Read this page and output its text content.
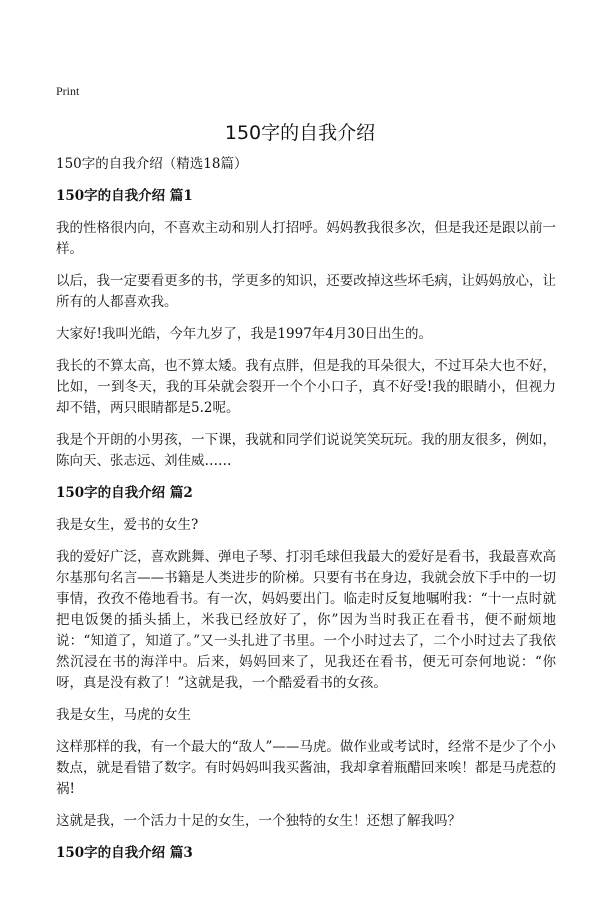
Print
150字的自我介绍

150字的自我介绍（精选18篇）

150字的自我介绍 篇1

我的性格很内向，不喜欢主动和别人打招呼。妈妈教我很多次，但是我还是跟以前一样。

以后，我一定要看更多的书，学更多的知识，还要改掉这些坏毛病，让妈妈放心，让所有的人都喜欢我。

大家好!我叫光皓，今年九岁了，我是1997年4月30日出生的。

我长的不算太高，也不算太矮。我有点胖，但是我的耳朵很大，不过耳朵大也不好，比如，一到冬天，我的耳朵就会裂开一个个小口子，真不好受!我的眼睛小，但视力却不错，两只眼睛都是5.2呢。

我是个开朗的小男孩，一下课，我就和同学们说说笑笑玩玩。我的朋友很多，例如，陈向天、张志远、刘佳威……

150字的自我介绍 篇2

我是女生，爱书的女生?

我的爱好广泛，喜欢跳舞、弹电子琴、打羽毛球但我最大的爱好是看书，我最喜欢高尔基那句名言——书籍是人类进步的阶梯。只要有书在身边，我就会放下手中的一切事情，孜孜不倦地看书。有一次，妈妈要出门。临走时反复地嘱咐我：“十一点时就把电饭煲的插头插上，米我已经放好了，你”因为当时我正在看书，便不耐烦地说：“知道了，知道了。”又一头扎进了书里。一个小时过去了，二个小时过去了我依然沉浸在书的海洋中。后来，妈妈回来了，见我还在看书，便无可奈何地说：“你呀，真是没有救了！”这就是我，一个酷爱看书的女孩。

我是女生，马虎的女生

这样那样的我，有一个最大的“敌人”——马虎。做作业或考试时，经常不是少了个小数点，就是看错了数字。有时妈妈叫我买酱油，我却拿着瓶醋回来唉！都是马虎惹的祸!

这就是我，一个活力十足的女生，一个独特的女生！还想了解我吗？

150字的自我介绍 篇3
